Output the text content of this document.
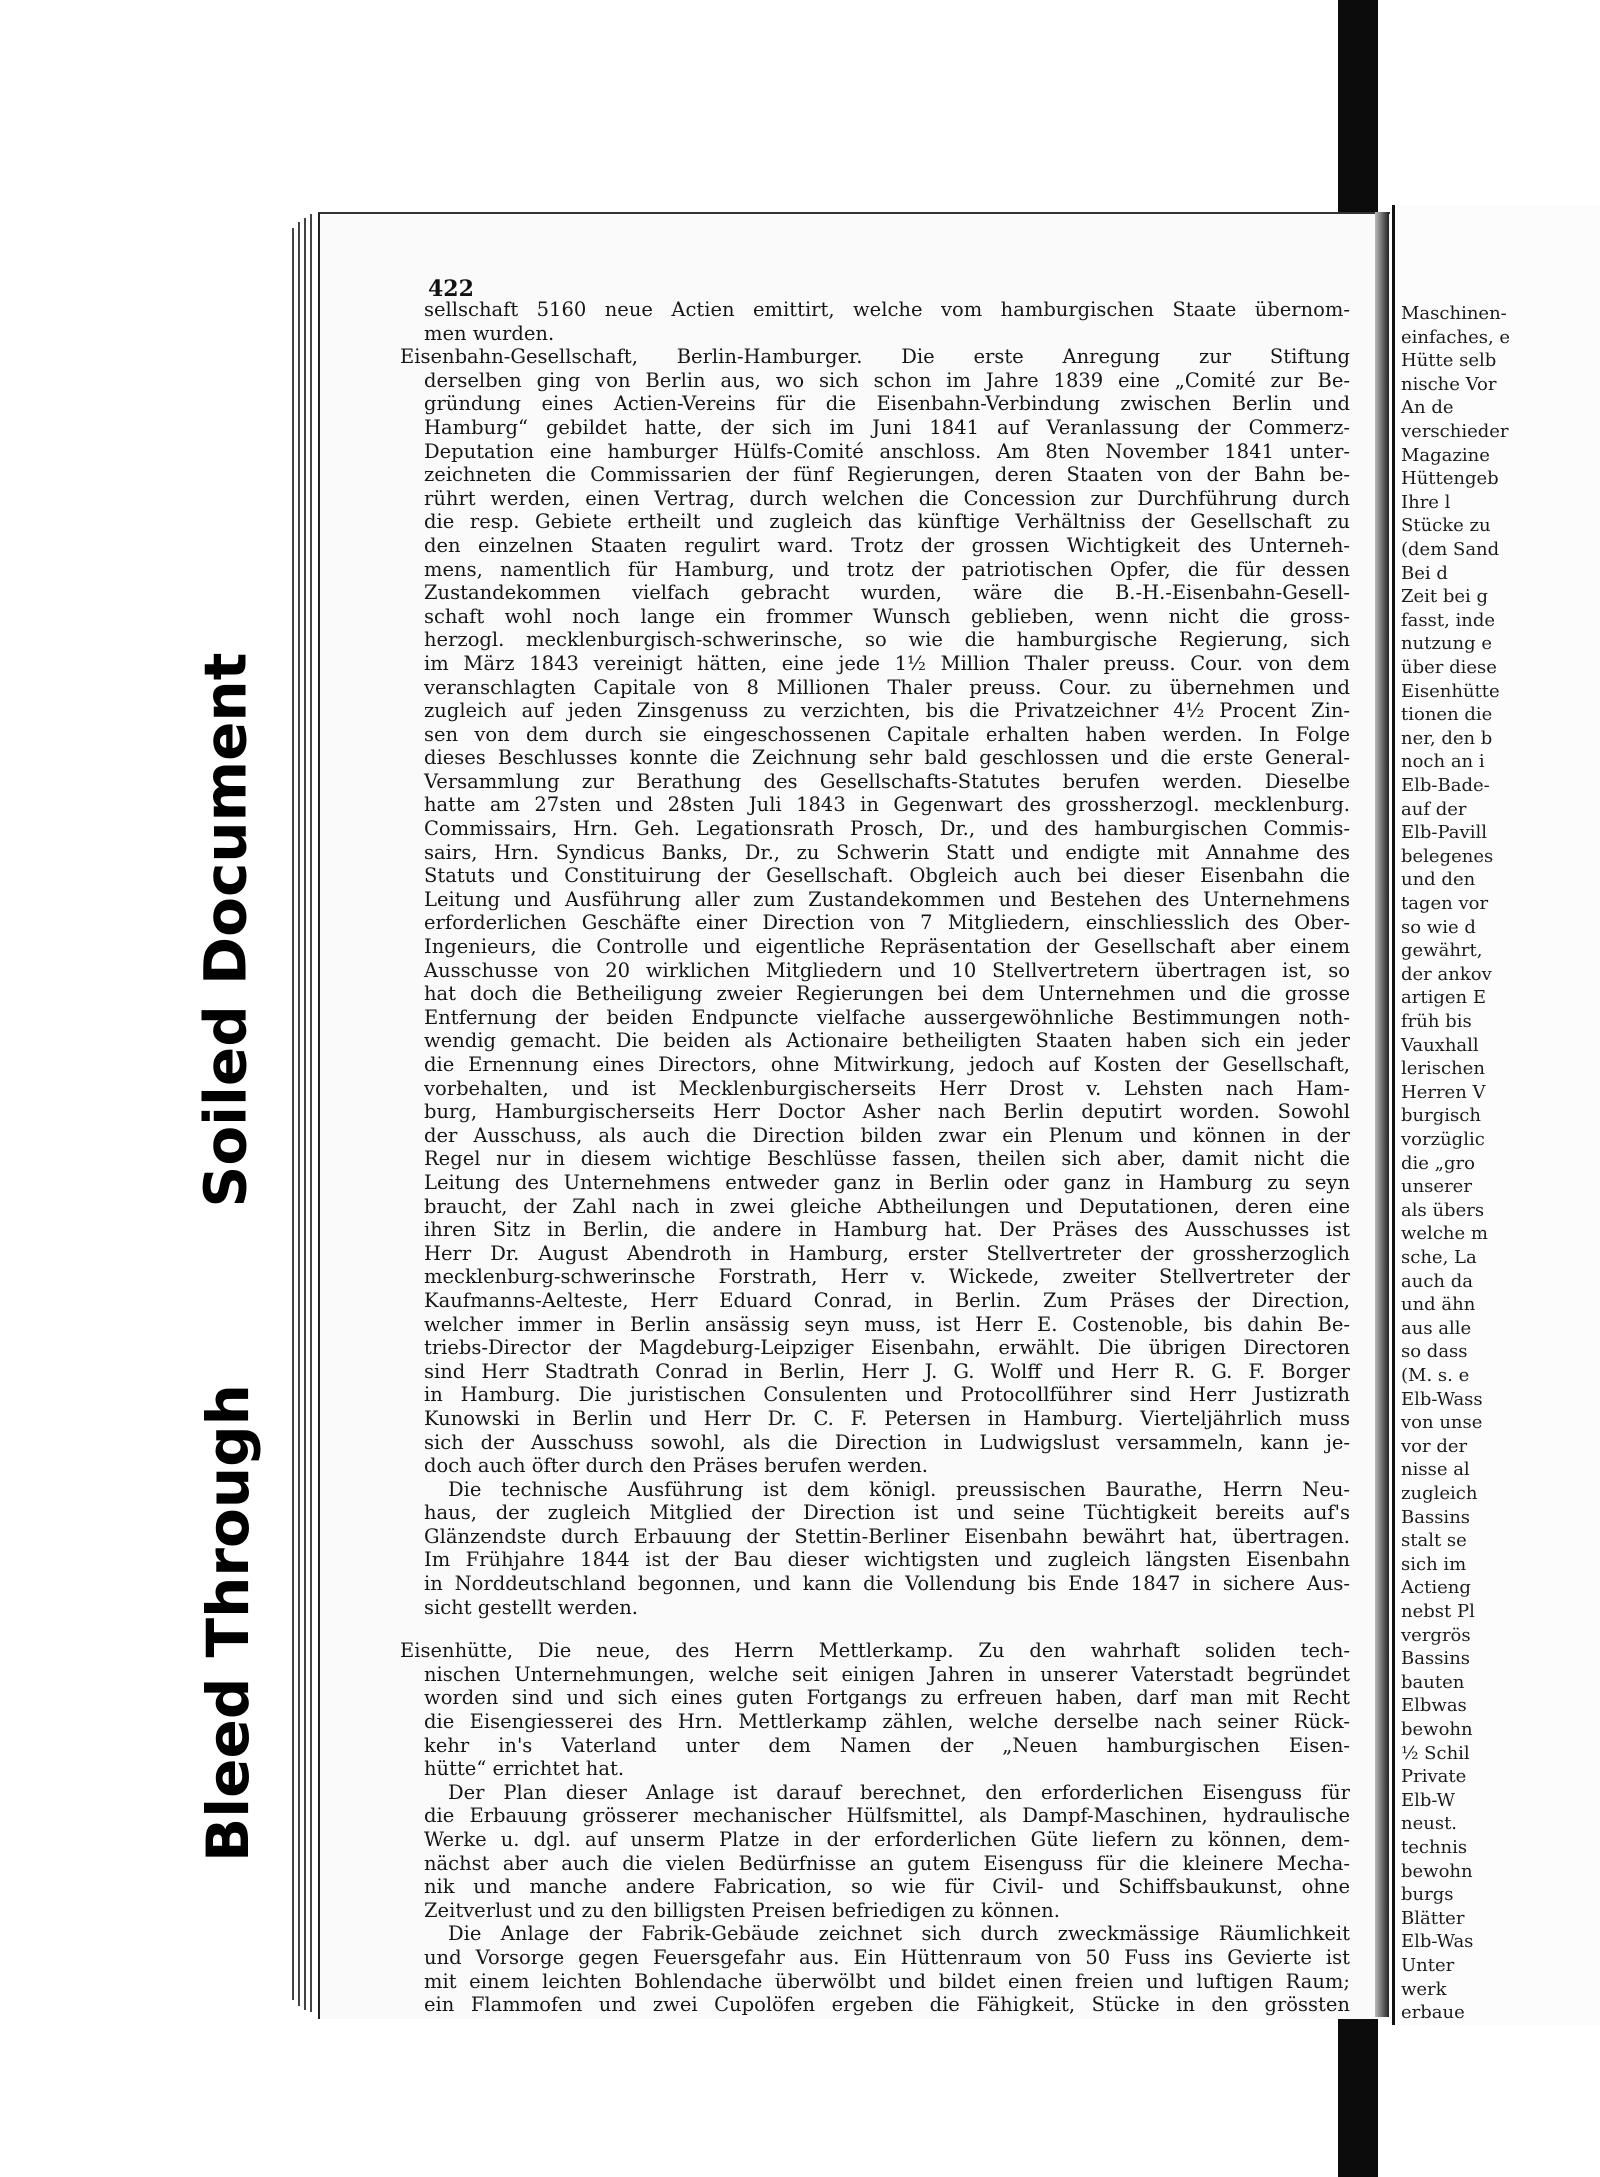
Maschinen-
einfaches, e
Hütte selb
nische Vor
An de
verschieder
Magazine
Hüttengeb
Ihre l
Stücke zu
(dem Sand
Bei d
Zeit bei g
fasst, inde
nutzung e
über diese
Eisenhütte
tionen die
ner, den b
noch an i
Elb-Bade-
auf der
Elb-Pavill
belegenes
und den
tagen vor
so wie d
gewährt,
der ankov
artigen E
früh bis
Vauxhall
lerischen
Herren V
burgisch
vorzüglic
die „gro
unserer
als übers
welche m
sche, La
auch da
und ähn
aus alle
so dass
(M. s. e
Elb-Wass
von unse
vor der
nisse al
zugleich
Bassins
stalt se
sich im
Actieng
nebst Pl
vergrös
Bassins
bauten
Elbwas
bewohn
½ Schil
Private
Elb-W
neust.
technis
bewohn
burgs
Blätter
Elb-Was
Unter
werk
erbaue
Soiled Document
Bleed Through
422
sellschaft 5160 neue Actien emittirt, welche vom hamburgischen Staate übernom-
men wurden.
Eisenbahn-Gesellschaft, Berlin-Hamburger. Die erste Anregung zur Stiftung
derselben ging von Berlin aus, wo sich schon im Jahre 1839 eine „Comité zur Be-
gründung eines Actien-Vereins für die Eisenbahn-Verbindung zwischen Berlin und
Hamburg“ gebildet hatte, der sich im Juni 1841 auf Veranlassung der Commerz-
Deputation eine hamburger Hülfs-Comité anschloss. Am 8ten November 1841 unter-
zeichneten die Commissarien der fünf Regierungen, deren Staaten von der Bahn be-
rührt werden, einen Vertrag, durch welchen die Concession zur Durchführung durch
die resp. Gebiete ertheilt und zugleich das künftige Verhältniss der Gesellschaft zu
den einzelnen Staaten regulirt ward. Trotz der grossen Wichtigkeit des Unterneh-
mens, namentlich für Hamburg, und trotz der patriotischen Opfer, die für dessen
Zustandekommen vielfach gebracht wurden, wäre die B.-H.-Eisenbahn-Gesell-
schaft wohl noch lange ein frommer Wunsch geblieben, wenn nicht die gross-
herzogl. mecklenburgisch-schwerinsche, so wie die hamburgische Regierung, sich
im März 1843 vereinigt hätten, eine jede 1½ Million Thaler preuss. Cour. von dem
veranschlagten Capitale von 8 Millionen Thaler preuss. Cour. zu übernehmen und
zugleich auf jeden Zinsgenuss zu verzichten, bis die Privatzeichner 4½ Procent Zin-
sen von dem durch sie eingeschossenen Capitale erhalten haben werden. In Folge
dieses Beschlusses konnte die Zeichnung sehr bald geschlossen und die erste General-
Versammlung zur Berathung des Gesellschafts-Statutes berufen werden. Dieselbe
hatte am 27sten und 28sten Juli 1843 in Gegenwart des grossherzogl. mecklenburg.
Commissairs, Hrn. Geh. Legationsrath Prosch, Dr., und des hamburgischen Commis-
sairs, Hrn. Syndicus Banks, Dr., zu Schwerin Statt und endigte mit Annahme des
Statuts und Constituirung der Gesellschaft. Obgleich auch bei dieser Eisenbahn die
Leitung und Ausführung aller zum Zustandekommen und Bestehen des Unternehmens
erforderlichen Geschäfte einer Direction von 7 Mitgliedern, einschliesslich des Ober-
Ingenieurs, die Controlle und eigentliche Repräsentation der Gesellschaft aber einem
Ausschusse von 20 wirklichen Mitgliedern und 10 Stellvertretern übertragen ist, so
hat doch die Betheiligung zweier Regierungen bei dem Unternehmen und die grosse
Entfernung der beiden Endpuncte vielfache aussergewöhnliche Bestimmungen noth-
wendig gemacht. Die beiden als Actionaire betheiligten Staaten haben sich ein jeder
die Ernennung eines Directors, ohne Mitwirkung, jedoch auf Kosten der Gesellschaft,
vorbehalten, und ist Mecklenburgischerseits Herr Drost v. Lehsten nach Ham-
burg, Hamburgischerseits Herr Doctor Asher nach Berlin deputirt worden. Sowohl
der Ausschuss, als auch die Direction bilden zwar ein Plenum und können in der
Regel nur in diesem wichtige Beschlüsse fassen, theilen sich aber, damit nicht die
Leitung des Unternehmens entweder ganz in Berlin oder ganz in Hamburg zu seyn
braucht, der Zahl nach in zwei gleiche Abtheilungen und Deputationen, deren eine
ihren Sitz in Berlin, die andere in Hamburg hat. Der Präses des Ausschusses ist
Herr Dr. August Abendroth in Hamburg, erster Stellvertreter der grossherzoglich
mecklenburg-schwerinsche Forstrath, Herr v. Wickede, zweiter Stellvertreter der
Kaufmanns-Aelteste, Herr Eduard Conrad, in Berlin. Zum Präses der Direction,
welcher immer in Berlin ansässig seyn muss, ist Herr E. Costenoble, bis dahin Be-
triebs-Director der Magdeburg-Leipziger Eisenbahn, erwählt. Die übrigen Directoren
sind Herr Stadtrath Conrad in Berlin, Herr J. G. Wolff und Herr R. G. F. Borger
in Hamburg. Die juristischen Consulenten und Protocollführer sind Herr Justizrath
Kunowski in Berlin und Herr Dr. C. F. Petersen in Hamburg. Vierteljährlich muss
sich der Ausschuss sowohl, als die Direction in Ludwigslust versammeln, kann je-
doch auch öfter durch den Präses berufen werden.
Die technische Ausführung ist dem königl. preussischen Baurathe, Herrn Neu-
haus, der zugleich Mitglied der Direction ist und seine Tüchtigkeit bereits auf's
Glänzendste durch Erbauung der Stettin-Berliner Eisenbahn bewährt hat, übertragen.
Im Frühjahre 1844 ist der Bau dieser wichtigsten und zugleich längsten Eisenbahn
in Norddeutschland begonnen, und kann die Vollendung bis Ende 1847 in sichere Aus-
sicht gestellt werden.
Eisenhütte, Die neue, des Herrn Mettlerkamp. Zu den wahrhaft soliden tech-
nischen Unternehmungen, welche seit einigen Jahren in unserer Vaterstadt begründet
worden sind und sich eines guten Fortgangs zu erfreuen haben, darf man mit Recht
die Eisengiesserei des Hrn. Mettlerkamp zählen, welche derselbe nach seiner Rück-
kehr in's Vaterland unter dem Namen der „Neuen hamburgischen Eisen-
hütte“ errichtet hat.
Der Plan dieser Anlage ist darauf berechnet, den erforderlichen Eisenguss für
die Erbauung grösserer mechanischer Hülfsmittel, als Dampf-Maschinen, hydraulische
Werke u. dgl. auf unserm Platze in der erforderlichen Güte liefern zu können, dem-
nächst aber auch die vielen Bedürfnisse an gutem Eisenguss für die kleinere Mecha-
nik und manche andere Fabrication, so wie für Civil- und Schiffsbaukunst, ohne
Zeitverlust und zu den billigsten Preisen befriedigen zu können.
Die Anlage der Fabrik-Gebäude zeichnet sich durch zweckmässige Räumlichkeit
und Vorsorge gegen Feuersgefahr aus. Ein Hüttenraum von 50 Fuss ins Gevierte ist
mit einem leichten Bohlendache überwölbt und bildet einen freien und luftigen Raum;
ein Flammofen und zwei Cupolöfen ergeben die Fähigkeit, Stücke in den grössten
